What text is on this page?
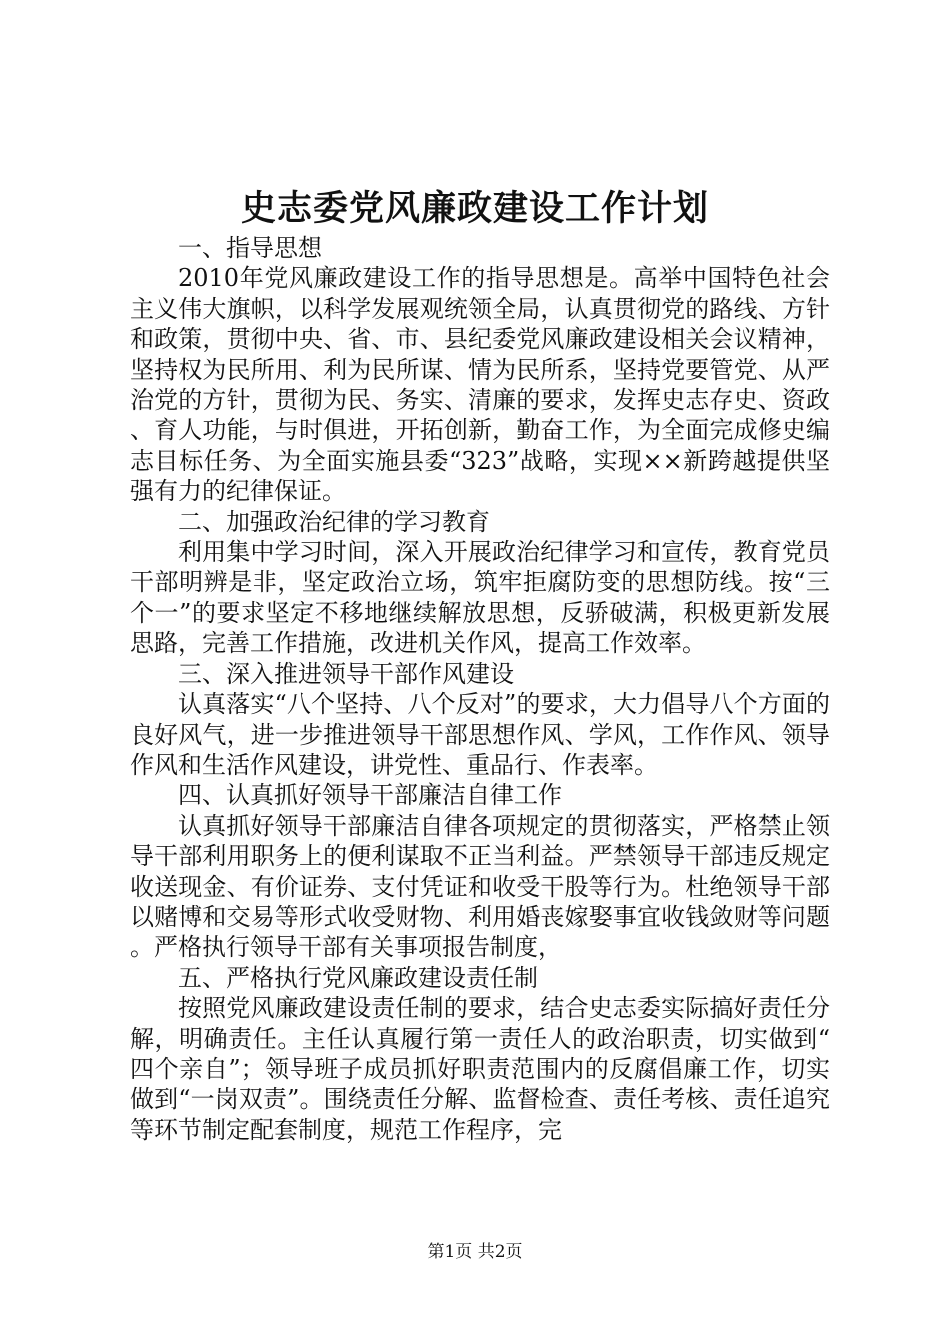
史志委党风廉政建设工作计划

一、指导思想

2010年党风廉政建设工作的指导思想是。高举中国特色社会主义伟大旗帜，以科学发展观统领全局，认真贯彻党的路线、方针和政策，贯彻中央、省、市、县纪委党风廉政建设相关会议精神，坚持权为民所用、利为民所谋、情为民所系，坚持党要管党、从严治党的方针，贯彻为民、务实、清廉的要求，发挥史志存史、资政、育人功能，与时俱进，开拓创新，勤奋工作，为全面完成修史编志目标任务、为全面实施县委“323”战略，实现××新跨越提供坚强有力的纪律保证。

二、加强政治纪律的学习教育

利用集中学习时间，深入开展政治纪律学习和宣传，教育党员干部明辨是非，坚定政治立场，筑牢拒腐防变的思想防线。按“三个一”的要求坚定不移地继续解放思想，反骄破满，积极更新发展思路，完善工作措施，改进机关作风，提高工作效率。

三、深入推进领导干部作风建设

认真落实“八个坚持、八个反对”的要求，大力倡导八个方面的良好风气，进一步推进领导干部思想作风、学风，工作作风、领导作风和生活作风建设，讲党性、重品行、作表率。

四、认真抓好领导干部廉洁自律工作

认真抓好领导干部廉洁自律各项规定的贯彻落实，严格禁止领导干部利用职务上的便利谋取不正当利益。严禁领导干部违反规定收送现金、有价证券、支付凭证和收受干股等行为。杜绝领导干部以赌博和交易等形式收受财物、利用婚丧嫁娶事宜收钱敛财等问题。严格执行领导干部有关事项报告制度，

五、严格执行党风廉政建设责任制

按照党风廉政建设责任制的要求，结合史志委实际搞好责任分解，明确责任。主任认真履行第一责任人的政治职责，切实做到“四个亲自”；领导班子成员抓好职责范围内的反腐倡廉工作，切实做到“一岗双责”。围绕责任分解、监督检查、责任考核、责任追究等环节制定配套制度，规范工作程序，完

第1页 共2页
